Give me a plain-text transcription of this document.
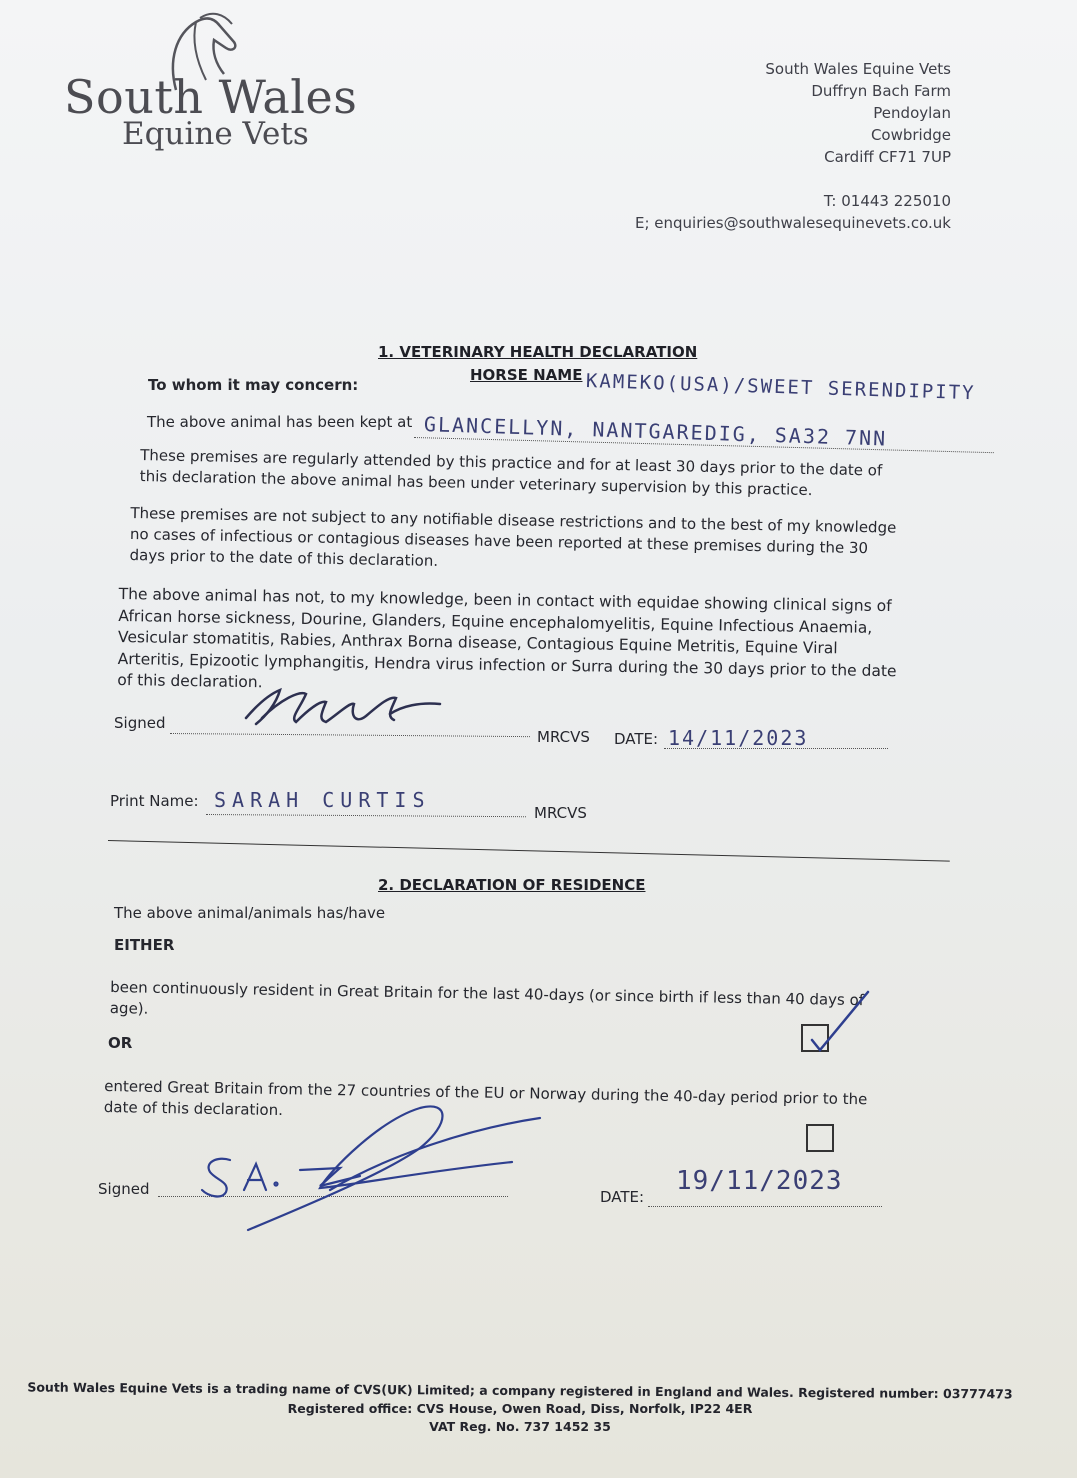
South Wales
Equine Vets
South Wales Equine Vets
Duffryn Bach Farm
Pendoylan
Cowbridge
Cardiff CF71 7UP
T: 01443 225010
E; enquiries@southwalesequinevets.co.uk
1. VETERINARY HEALTH DECLARATION
HORSE NAME KAMEKO(USA)/SWEET SERENDIPITY
To whom it may concern:
The above animal has been kept at GLANCELLYN, NANTGAREDIG, SA32 7NN
These premises are regularly attended by this practice and for at least 30 days prior to the date of this declaration the above animal has been under veterinary supervision by this practice.
These premises are not subject to any notifiable disease restrictions and to the best of my knowledge no cases of infectious or contagious diseases have been reported at these premises during the 30 days prior to the date of this declaration.
The above animal has not, to my knowledge, been in contact with equidae showing clinical signs of African horse sickness, Dourine, Glanders, Equine encephalomyelitis, Equine Infectious Anaemia, Vesicular stomatitis, Rabies, Anthrax Borna disease, Contagious Equine Metritis, Equine Viral Arteritis, Epizootic lymphangitis, Hendra virus infection or Surra during the 30 days prior to the date of this declaration.
Signed
MRCVS DATE: 14/11/2023
Print Name: SARAH CURTIS
MRCVS
2. DECLARATION OF RESIDENCE
The above animal/animals has/have
EITHER
been continuously resident in Great Britain for the last 40-days (or since birth if less than 40 days of age).
OR
entered Great Britain from the 27 countries of the EU or Norway during the 40-day period prior to the date of this declaration.
Signed	DATE:
19/11/2023
South Wales Equine Vets is a trading name of CVS(UK) Limited; a company registered in England and Wales. Registered number: 03777473
Registered office: CVS House, Owen Road, Diss, Norfolk, IP22 4ER
VAT Reg. No. 737 1452 35
